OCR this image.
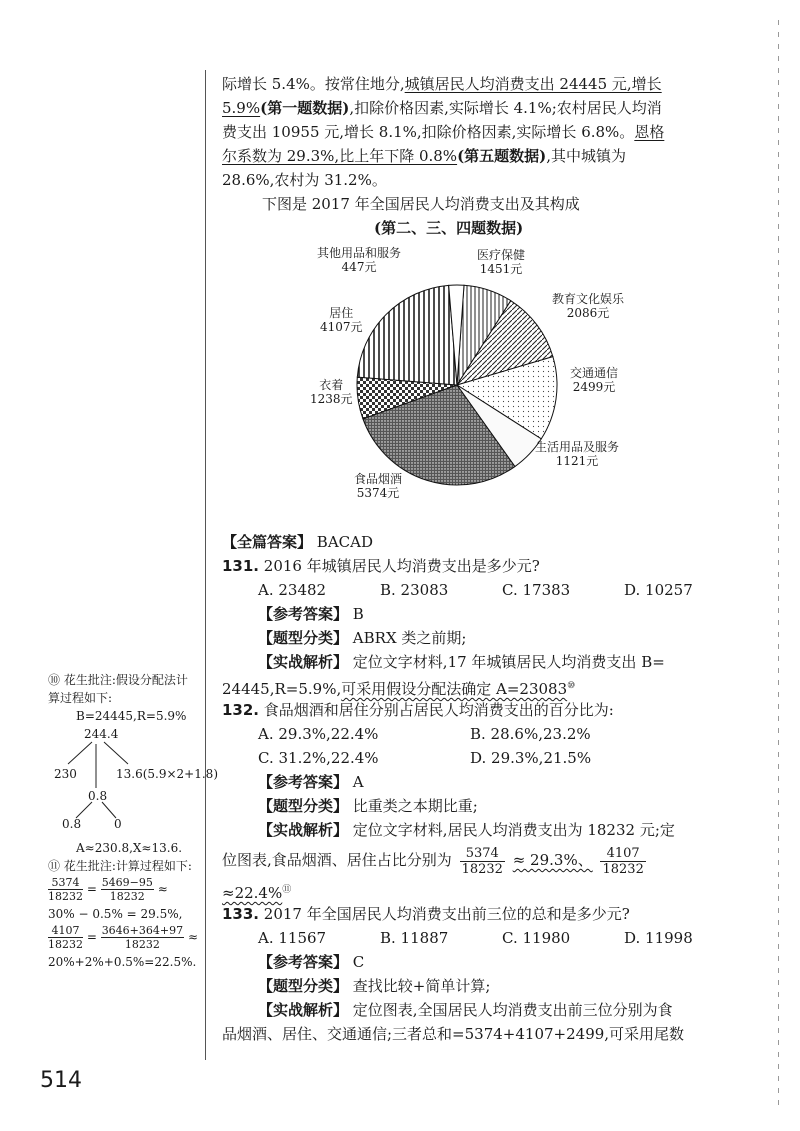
际增长 5.4%。按常住地分,城镇居民人均消费支出 24445 元,增长
5.9%(第一题数据),扣除价格因素,实际增长 4.1%;农村居民人均消
费支出 10955 元,增长 8.1%,扣除价格因素,实际增长 6.8%。恩格
尔系数为 29.3%,比上年下降 0.8%(第五题数据),其中城镇为
28.6%,农村为 31.2%。
下图是 2017 年全国居民人均消费支出及其构成
(第二、三、四题数据)
其他用品和服务
447元
医疗保健
1451元
教育文化娱乐
2086元
居住
4107元
交通通信
2499元
衣着
1238元
生活用品及服务
1121元
食品烟酒
5374元
【全篇答案】 BACAD
131. 2016 年城镇居民人均消费支出是多少元?
A. 23482	B. 23083	C. 17383	D. 10257
【参考答案】 B
【题型分类】 ABRX 类之前期;
【实战解析】 定位文字材料,17 年城镇居民人均消费支出 B=
24445,R=5.9%,可采用假设分配法确定 A=23083⑩
132. 食品烟酒和居住分别占居民人均消费支出的百分比为:
A. 29.3%,22.4%	B. 28.6%,23.2%
C. 31.2%,22.4%	D. 29.3%,21.5%
【参考答案】 A
【题型分类】 比重类之本期比重;
【实战解析】 定位文字材料,居民人均消费支出为 18232 元;定
位图表,食品烟酒、居住占比分别为 $\frac{5374}{18232} \approx 29.3\%$、 $\frac{4107}{18232}$
≈22.4%⑪
133. 2017 年全国居民人均消费支出前三位的总和是多少元?
A. 11567	B. 11887	C. 11980	D. 11998
【参考答案】 C
【题型分类】 查找比较+简单计算;
【实战解析】 定位图表,全国居民人均消费支出前三位分别为食
品烟酒、居住、交通通信;三者总和=5374+4107+2499,可采用尾数
⑩ 花生批注:假设分配法计
算过程如下:
B=24445,R=5.9%
244.4
230	13.6(5.9×2+1.8)
0.8
0.8	0
A≈230.8,X≈13.6.
⑪ 花生批注:计算过程如下:
$\frac{5374}{18232} = \frac{5469-95}{18232}$ ≈
30% − 0.5% = 29.5%,
$\frac{4107}{18232} = \frac{3646+364+97}{18232}$ ≈
20%+2%+0.5%=22.5%.
514
